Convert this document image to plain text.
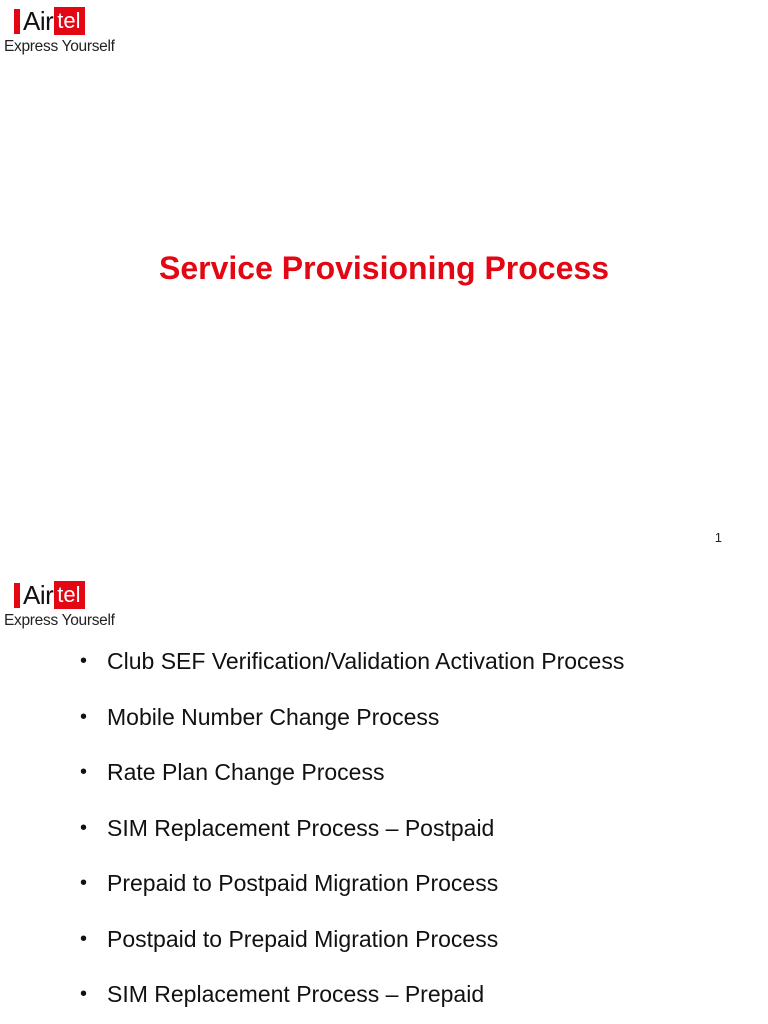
Air tel
Express Yourself
Service Provisioning Process
1
Air tel
Express Yourself
• Club SEF Verification/Validation Activation Process
• Mobile Number Change Process
• Rate Plan Change Process
• SIM Replacement Process – Postpaid
• Prepaid to Postpaid Migration Process
• Postpaid to Prepaid Migration Process
• SIM Replacement Process – Prepaid
